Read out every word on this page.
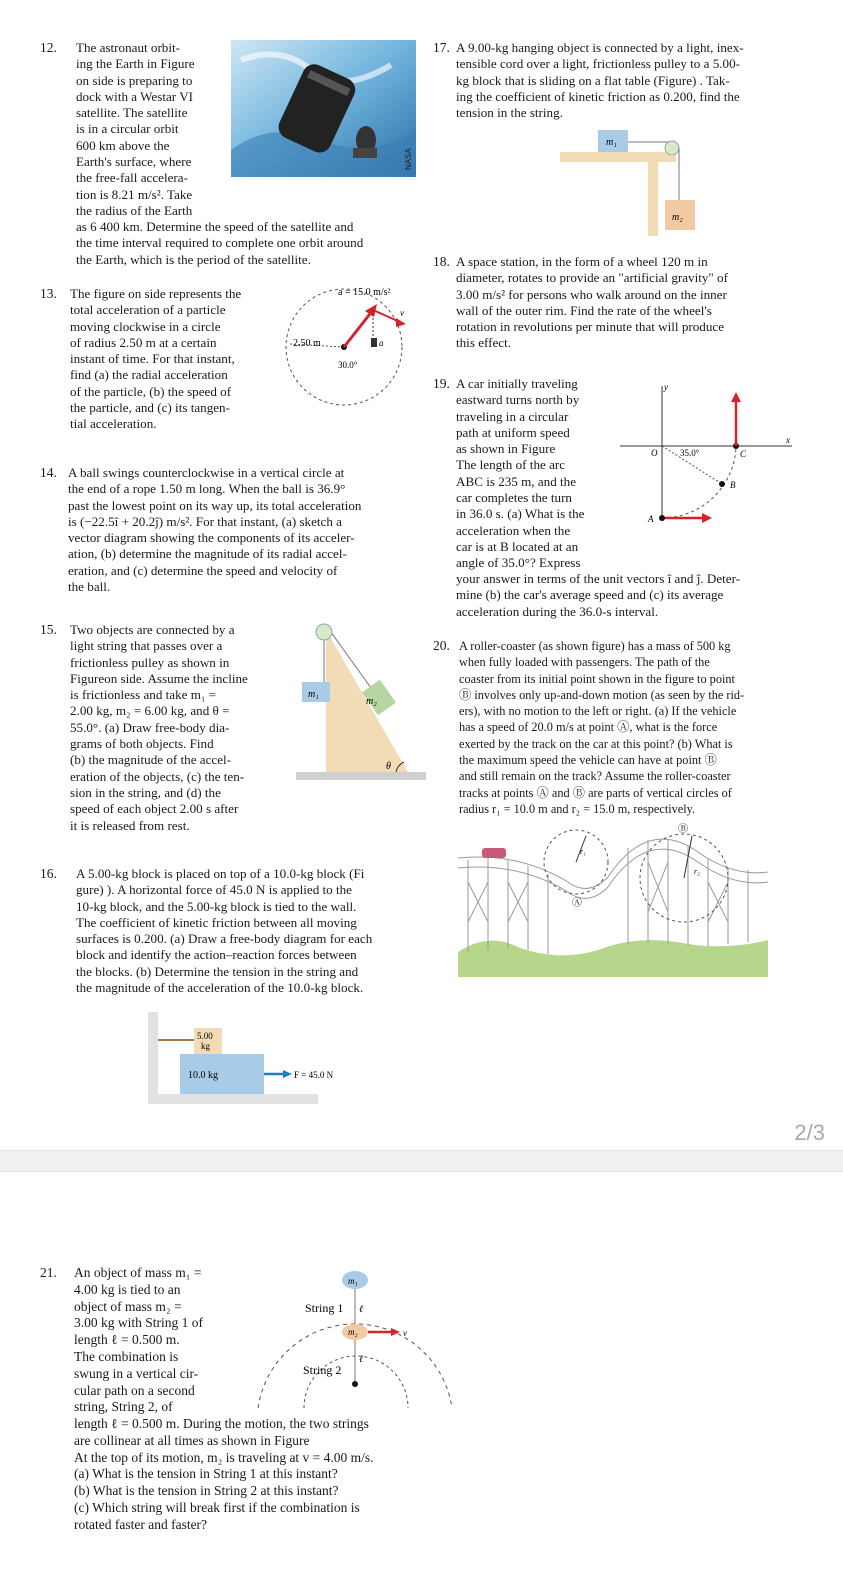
12. The astronaut orbit-

ing the Earth in Figure

on side is preparing to

dock with a Westar VI

satellite. The satellite

is in a circular orbit

600 km above the

Earth's surface, where

the free-fall accelera-

tion is 8.21 m/s². Take

the radius of the Earth

as 6 400 km. Determine the speed of the satellite and

the time interval required to complete one orbit around

the Earth, which is the period of the satellite.

NASA
13. The figure on side represents the

total acceleration of a particle

moving clockwise in a circle

of radius 2.50 m at a certain

instant of time. For that instant,

find (a) the radial acceleration

of the particle, (b) the speed of

the particle, and (c) its tangen-

tial acceleration.

a = 15.0 m/s²
2.50 m
30.0°
v⃗
a⃗
14. A ball swings counterclockwise in a vertical circle at

the end of a rope 1.50 m long. When the ball is 36.9°

past the lowest point on its way up, its total acceleration

is (−22.5î + 20.2ĵ) m/s². For that instant, (a) sketch a

vector diagram showing the components of its acceler-

ation, (b) determine the magnitude of its radial accel-

eration, and (c) determine the speed and velocity of

the ball.

15. Two objects are connected by a

light string that passes over a

frictionless pulley as shown in

Figureon side. Assume the incline

is frictionless and take m₁ =

2.00 kg, m₂ = 6.00 kg, and θ =

55.0°. (a) Draw free-body dia-

grams of both objects. Find

(b) the magnitude of the accel-

eration of the objects, (c) the ten-

sion in the string, and (d) the

speed of each object 2.00 s after

it is released from rest.

m₁
m₂
θ
16. A 5.00-kg block is placed on top of a 10.0-kg block (Fi

gure) ). A horizontal force of 45.0 N is applied to the

10-kg block, and the 5.00-kg block is tied to the wall.

The coefficient of kinetic friction between all moving

surfaces is 0.200. (a) Draw a free-body diagram for each

block and identify the action–reaction forces between

the blocks. (b) Determine the tension in the string and

the magnitude of the acceleration of the 10.0-kg block.

5.00
kg
10.0 kg	F = 45.0 N
17. A 9.00-kg hanging object is connected by a light, inex-

tensible cord over a light, frictionless pulley to a 5.00-

kg block that is sliding on a flat table (Figure) . Tak-

ing the coefficient of kinetic friction as 0.200, find the

tension in the string.

m₁
m₂
18. A space station, in the form of a wheel 120 m in

diameter, rotates to provide an "artificial gravity" of

3.00 m/s² for persons who walk around on the inner

wall of the outer rim. Find the rate of the wheel's

rotation in revolutions per minute that will produce

this effect.

19. A car initially traveling

eastward turns north by

traveling in a circular

path at uniform speed

as shown in Figure

The length of the arc

ABC is 235 m, and the

car completes the turn

in 36.0 s. (a) What is the

acceleration when the

car is at B located at an

angle of 35.0°? Express

your answer in terms of the unit vectors î and ĵ. Deter-

mine (b) the car's average speed and (c) its average

acceleration during the 36.0-s interval.

y
x
O	35.0°	C
B
A
20. A roller-coaster (as shown figure) has a mass of 500 kg

when fully loaded with passengers. The path of the

coaster from its initial point shown in the figure to point

Ⓑ involves only up-and-down motion (as seen by the rid-

ers), with no motion to the left or right. (a) If the vehicle

has a speed of 20.0 m/s at point Ⓐ, what is the force

exerted by the track on the car at this point? (b) What is

the maximum speed the vehicle can have at point Ⓑ

and still remain on the track? Assume the roller-coaster

tracks at points Ⓐ and Ⓑ are parts of vertical circles of

radius r₁ = 10.0 m and r₂ = 15.0 m, respectively.

r₁
Ⓐ
r₂
Ⓑ
2/3
21. An object of mass m₁ =

4.00 kg is tied to an

object of mass m₂ =

3.00 kg with String 1 of

length ℓ = 0.500 m.

The combination is

swung in a vertical cir-

cular path on a second

string, String 2, of

length ℓ = 0.500 m. During the motion, the two strings

are collinear at all times as shown in Figure

At the top of its motion, m₂ is traveling at v = 4.00 m/s.

(a) What is the tension in String 1 at this instant?

(b) What is the tension in String 2 at this instant?

(c) Which string will break first if the combination is

rotated faster and faster?

m₁
m₂	v⃗
String 1 ℓ
String 2
ℓ
